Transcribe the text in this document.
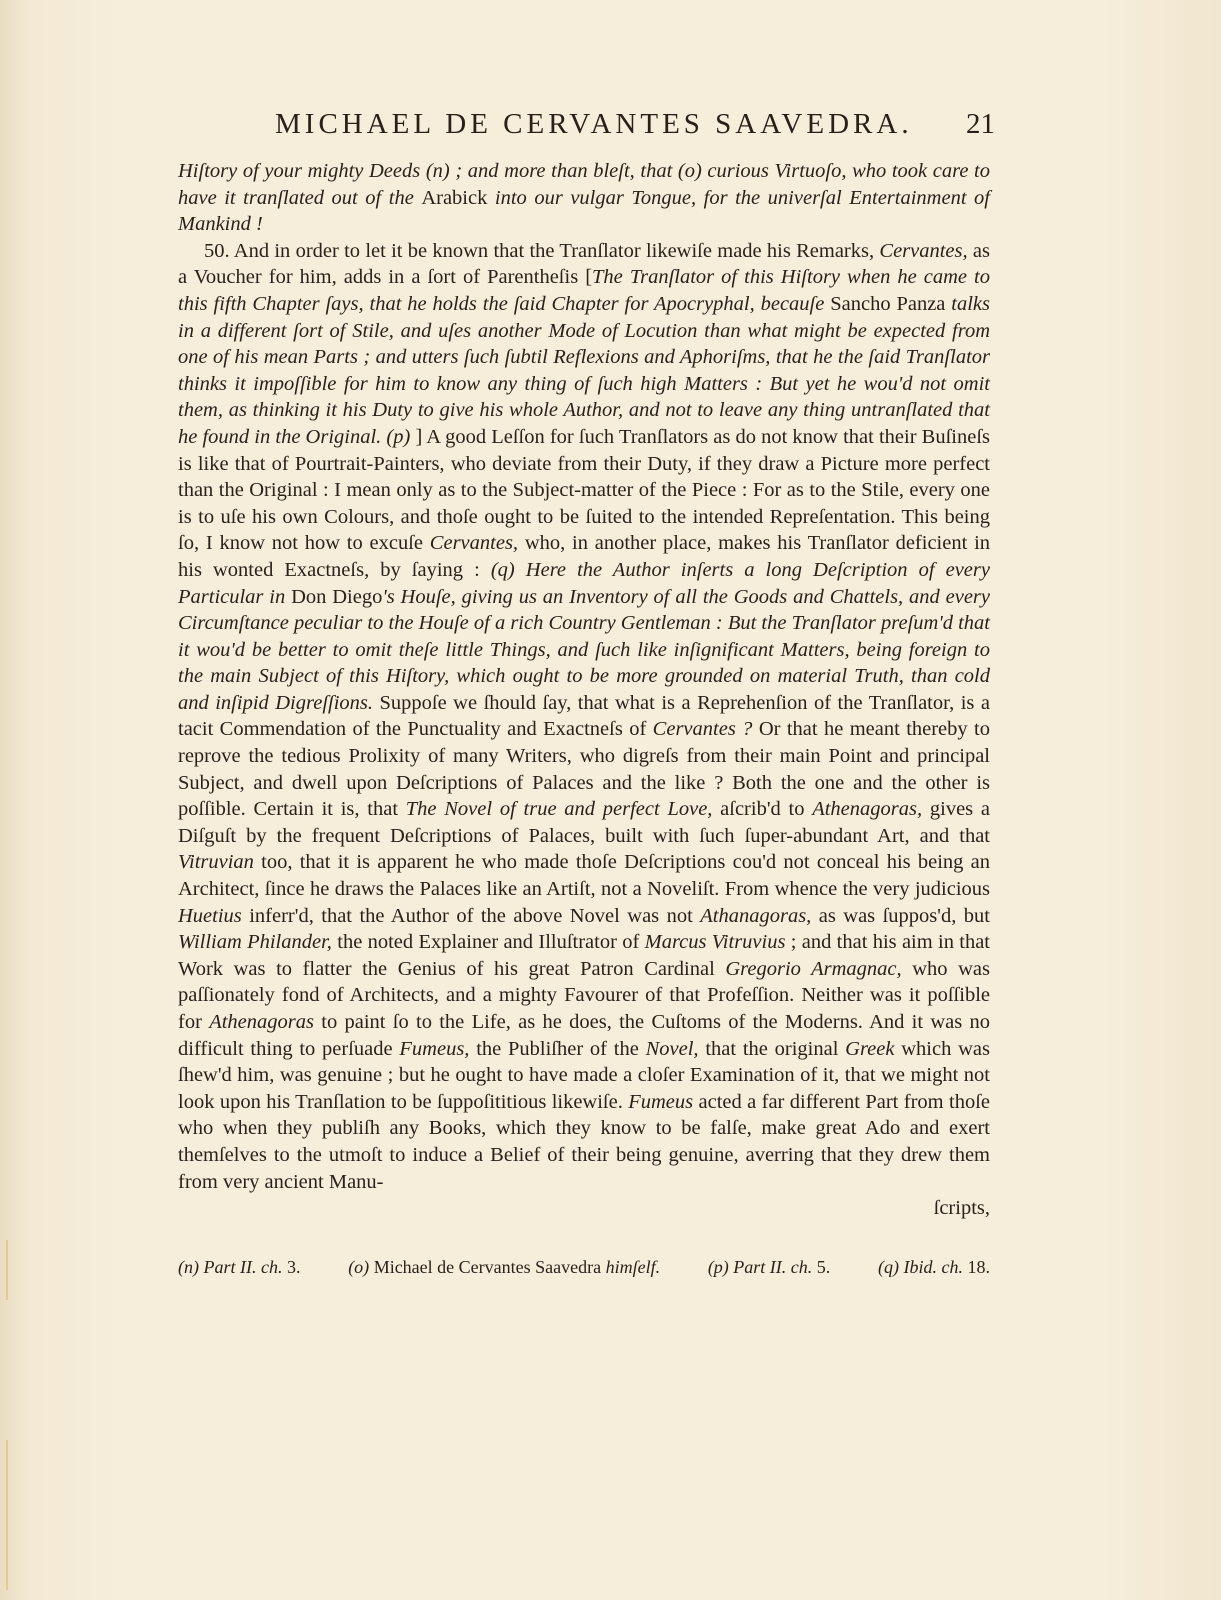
MICHAEL DE CERVANTES SAAVEDRA. 21

Hiſtory of your mighty Deeds (n) ; and more than bleſt, that (o) curious Virtuoſo, who took care to have it tranſlated out of the Arabick into our vulgar Tongue, for the univerſal Entertainment of Mankind !

50. And in order to let it be known that the Tranſlator likewiſe made his Remarks, Cervantes, as a Voucher for him, adds in a ſort of Parentheſis [The Tranſlator of this Hiſtory when he came to this fifth Chapter ſays, that he holds the ſaid Chapter for Apocryphal, becauſe Sancho Panza talks in a different ſort of Stile, and uſes another Mode of Locution than what might be expected from one of his mean Parts ; and utters ſuch ſubtil Reflexions and Aphoriſms, that he the ſaid Tranſlator thinks it impoſſible for him to know any thing of ſuch high Matters : But yet he wou'd not omit them, as thinking it his Duty to give his whole Author, and not to leave any thing untranſlated that he found in the Original. (p) ] A good Leſſon for ſuch Tranſlators as do not know that their Buſineſs is like that of Pourtrait-Painters, who deviate from their Duty, if they draw a Picture more perfect than the Original : I mean only as to the Subject-matter of the Piece : For as to the Stile, every one is to uſe his own Colours, and thoſe ought to be ſuited to the intended Repreſentation. This being ſo, I know not how to excuſe Cervantes, who, in another place, makes his Tranſlator deficient in his wonted Exactneſs, by ſaying : (q) Here the Author inſerts a long Deſcription of every Particular in Don Diego's Houſe, giving us an Inventory of all the Goods and Chattels, and every Circumſtance peculiar to the Houſe of a rich Country Gentleman : But the Tranſlator preſum'd that it wou'd be better to omit theſe little Things, and ſuch like inſignificant Matters, being foreign to the main Subject of this Hiſtory, which ought to be more grounded on material Truth, than cold and inſipid Digreſſions. Suppoſe we ſhould ſay, that what is a Reprehenſion of the Tranſlator, is a tacit Commendation of the Punctuality and Exactneſs of Cervantes ? Or that he meant thereby to reprove the tedious Prolixity of many Writers, who digreſs from their main Point and principal Subject, and dwell upon Deſcriptions of Palaces and the like ? Both the one and the other is poſſible. Certain it is, that The Novel of true and perfect Love, aſcrib'd to Athenagoras, gives a Diſguſt by the frequent Deſcriptions of Palaces, built with ſuch ſuper-abundant Art, and that Vitruvian too, that it is apparent he who made thoſe Deſcriptions cou'd not conceal his being an Architect, ſince he draws the Palaces like an Artiſt, not a Noveliſt. From whence the very judicious Huetius inferr'd, that the Author of the above Novel was not Athanagoras, as was ſuppos'd, but William Philander, the noted Explainer and Illuſtrator of Marcus Vitruvius ; and that his aim in that Work was to flatter the Genius of his great Patron Cardinal Gregorio Armagnac, who was paſſionately fond of Architects, and a mighty Favourer of that Profeſſion. Neither was it poſſible for Athenagoras to paint ſo to the Life, as he does, the Cuſtoms of the Moderns. And it was no difficult thing to perſuade Fumeus, the Publiſher of the Novel, that the original Greek which was ſhew'd him, was genuine ; but he ought to have made a cloſer Examination of it, that we might not look upon his Tranſlation to be ſuppoſititious likewiſe. Fumeus acted a far different Part from thoſe who when they publiſh any Books, which they know to be falſe, make great Ado and exert themſelves to the utmoſt to induce a Belief of their being genuine, averring that they drew them from very ancient Manu-

ſcripts,

(n) Part II. ch. 3.	(o) Michael de Cervantes Saavedra himſelf.	(p) Part II. ch. 5.	(q) Ibid. ch. 18.
